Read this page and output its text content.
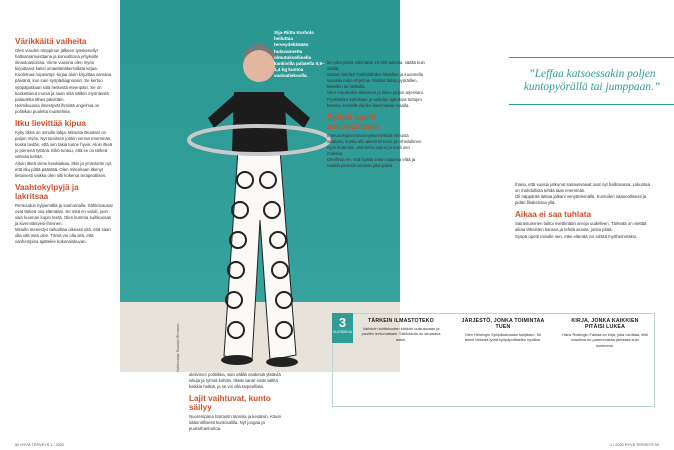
Sija-Riitta Korhola heiluttaa terveydekkäään hulavannetta olmutuksellisella kankivilla palatella 0,9–1,4 kg kuntoa vaaivatiekoslla.
Valokuvaaja: Rudolph Öhnmann
Värikkäitä vaiheita

Olen vuoden meppinun jälkeen työskenellyt haltsamamuisttaina ja konsulttona yrityksille ilmastoasioissa. Viime vuosina olen myös kirjoittanut kaksi omaelämäkerrallista kirjaa.

Kuolemaa nopeampi -kirjaa aloin kirjoittaa samana päivänä, kun sain syöpädiagnoosin. Se kertoo syöpäpotilaan siitä hetkestä eteenpäin. Se on koskettanut monia ja saan siitä välikin myönteisiä palautetta lähes päivittäin.

Helmikuussa ilmestyvät ihmistä ongelmia on politiikan puolelta muistelmia.

Itku lievittää kipua

Kyky itkeä on minulle lahja. Minusta itkustani on paljon myös. Nyt tarvitsen jonkin verran enemmän, koska tiedän, että sen takia tunne hyvin. Aloin itkeä jo pienenä tyttönä. Eikö tuntuu, että se on tärkeä vahvaa kehää.

Aitoin itkeä viime kevätaikaa. Itkin ja ymmärrän nyt, että itku pitää päästää. Olen mitenkaan itkenyt tietoisesti vaikka olen silti kokenut terapeuttisen.

Vaahtokylpyjä ja lakritsaa

Rentoudun kylpemällä ja saunomalla. Sähkösaunat ovat tärkeä osa elämääni. Se mitä en vahdi, juon vain kuuman kupin teetä. Olen kumma suihkuosan ja kivennäisvesi-ihminen.

Minulle menestys tarkoittaa oikeasti sitä, että saan olla sitä mitä olen. Tämä voi olla sitä, että vanhempina ajattelee kokonaiskuvan.

aktiivinen politiikka, sain välillä osakesiä ylätäviä iskuja ja rytmiä kohtiin. Ilkeät sanat eivät vallita kaikkia hetkiä, ja se voi olla tarpeellista.

Lajit vaihtuvat, kunto säilyy

Nuorempana harrastin tanssia ja kesäisin. Kävin säännöllisesti kuntosalilla. Nyt joogaa ja puutarhanhoitoa.

len joka päivä vähintään 10 000 askelta, säällä kuin säällä.

Saatan kiertää Töölönlahden kävellen ja kuunnella samalla radio-ohjelmia. Matkat taitan pyöräillen, kävellen tai ratikalla.

Olen muutenkin aktiivinen ja liikun paljon arjessani. Pysähtelen kahvilaan ja vaihdan ajatuksia tuttujen kanssa. Kesällä viljelen kasvimaata maalla.

Syöpä opetti sairastamaan

Immunologiset kärsimykset tekivät minusta vaativan, koska olin aiemmin terve ja urheilullinen. Opin kuitenkin, että keho toipuu ja mieli sen mukana.

Oleellista on, että löytää oman tapansa elää ja nauttia pienistä asioista joka päivä.

”Leffaa katsoessakin poljen kuntopyörällä tai jumppaan.”

Ihana, että vuosia jatkunut sairausvaivat ovat nyt hallinnassa. Liikuntaa on mahdollista tehdä taas enemmän.

Oli näppärää lattiaa jalkani venyttelemällä. Kuntoilen säännöllisesti ja pidän lihaksistoa yllä.

Aikaa ei saa tuhlata

Sairastuminen laittoi miettimään arvoja uudelleen. Tärkeää on viettää aikaa läheisten kanssa ja tehdä asioita, joista pitää.

Syöpä opetti minulle sen, ettei elämää voi siirtää myöhemmäksi.

3
SUOSIKKIA
TÄRKEIN ILMASTOTEKO

Vaihdoin kotitalouden sähkön uusiutuvaan ja puolitin lentomatkani. Sähköauto on seuraava askel.

JÄRJESTÖ, JONKA TOIMINTAA TUEN

Olen Helsingin Syöpäsairaalan tukijäsen. Se tekee tärkeää työtä syöpäpotilaiden hyväksi.

KIRJA, JONKA KAIKKIEN PITÄISI LUKEA

Hans Roslingin Faktaa on kirja, joka osoittaa, että maailma on paremmassa jamassa kuin luulemme.

52 HYVÄ TERVEYS 1 / 2020	1 / 2020 HYVÄ TERVEYS 53
